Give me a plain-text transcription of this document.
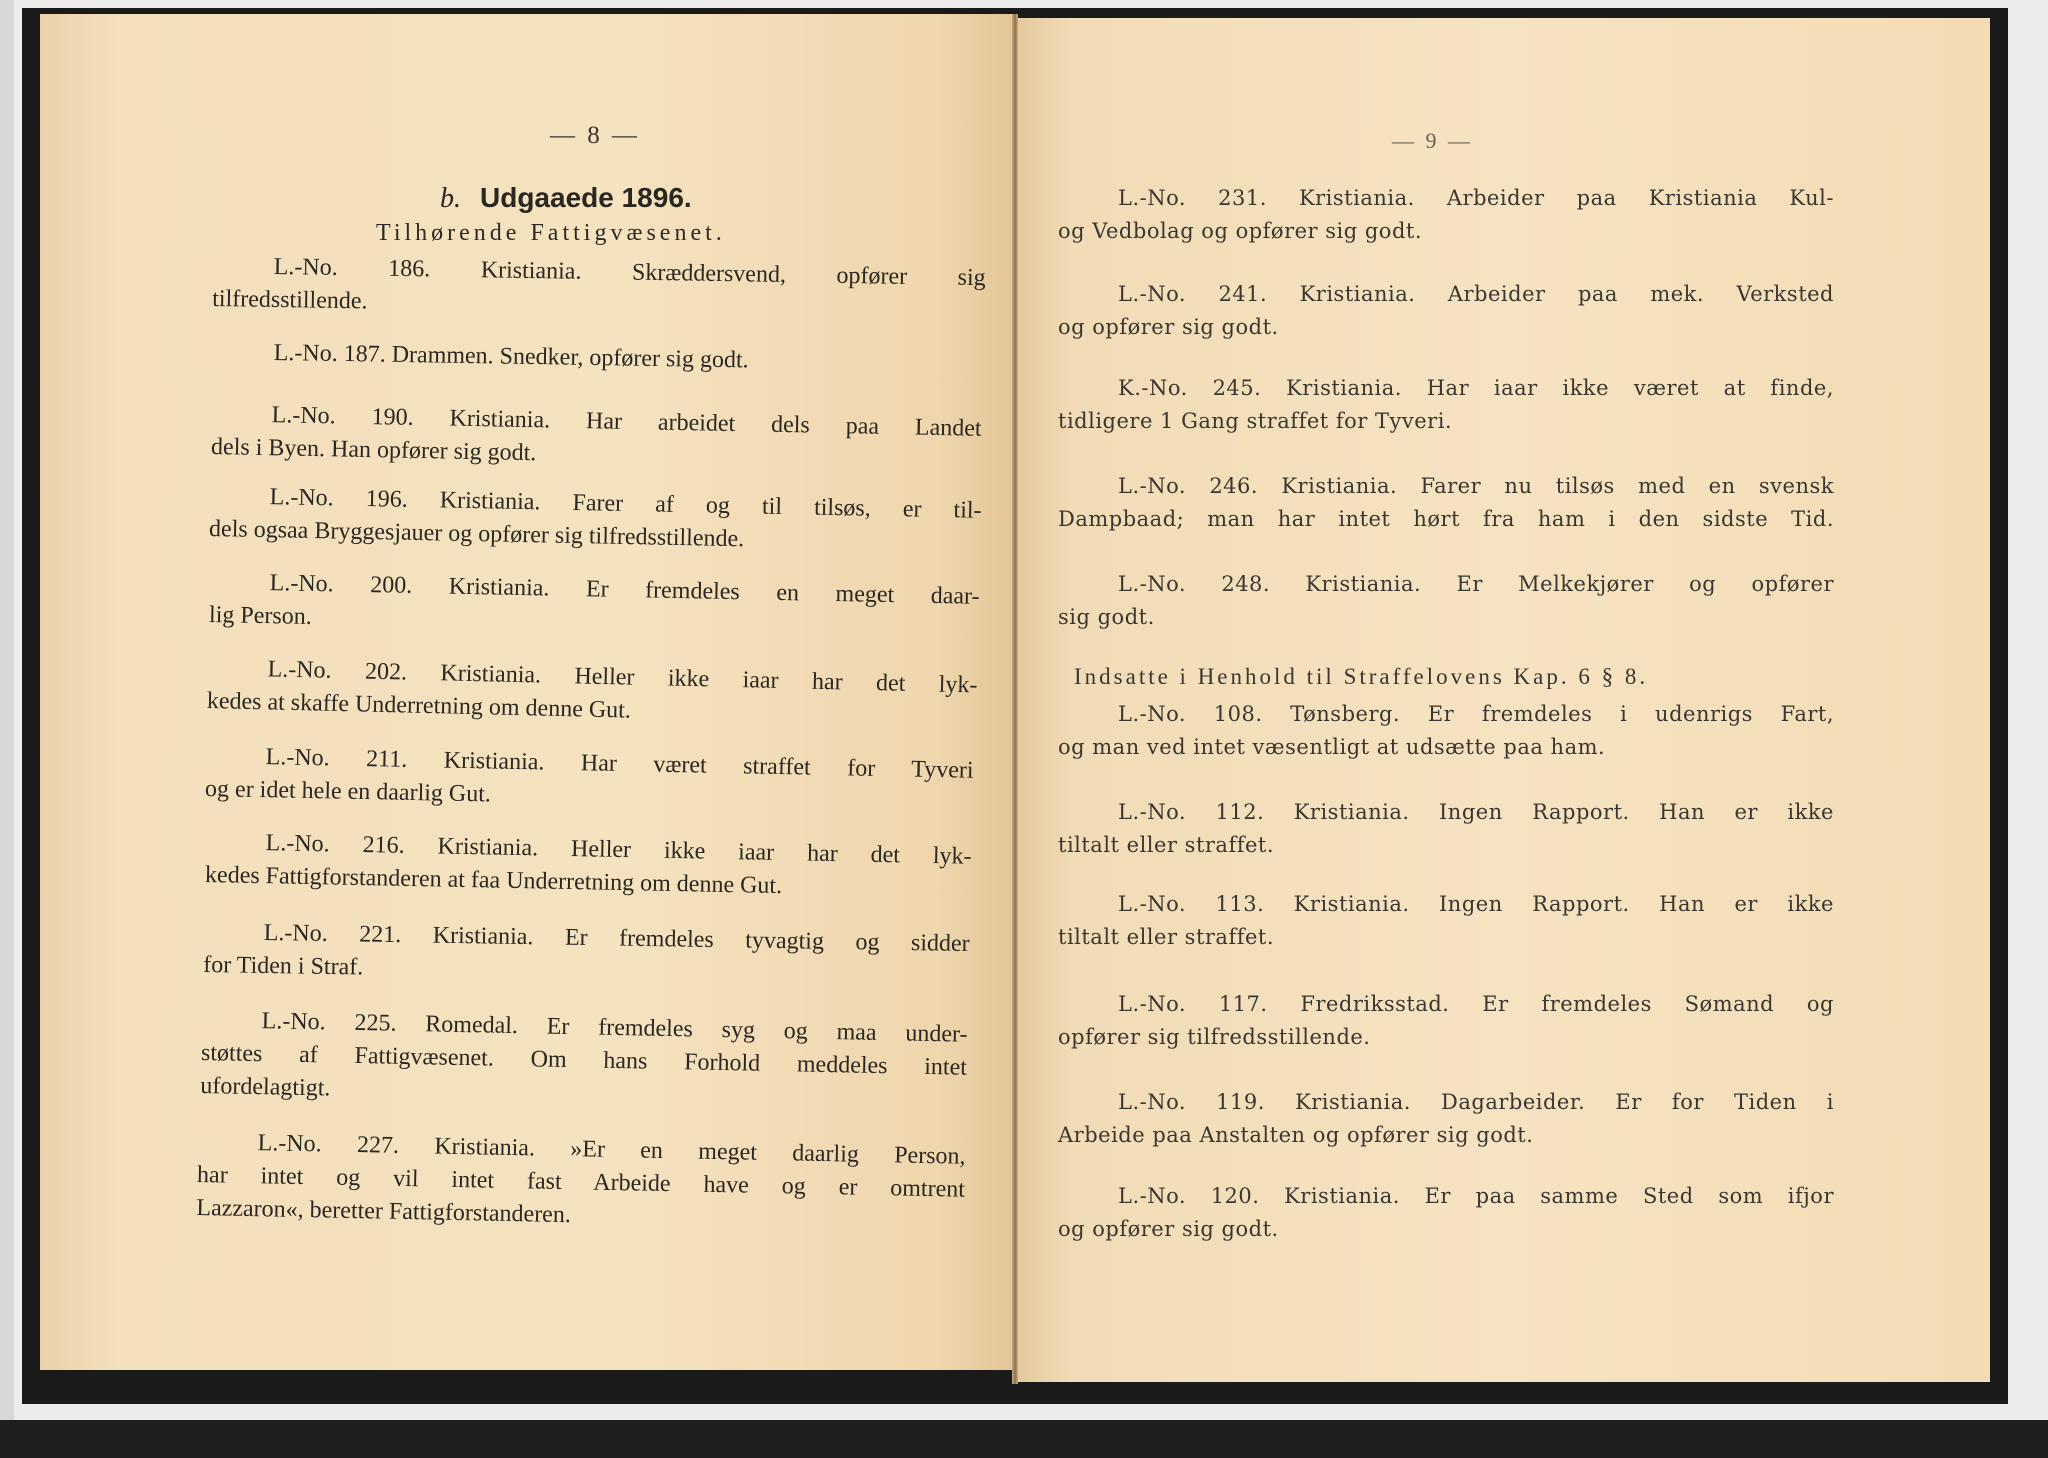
— 8 —
b. Udgaaede 1896.
Tilhørende Fattigvæsenet.
L.-No. 186. Kristiania. Skræddersvend, opfører sig
tilfredsstillende.
L.-No. 187. Drammen. Snedker, opfører sig godt.
L.-No. 190. Kristiania. Har arbeidet dels paa Landet
dels i Byen. Han opfører sig godt.
L.-No. 196. Kristiania. Farer af og til tilsøs, er til-
dels ogsaa Bryggesjauer og opfører sig tilfredsstillende.
L.-No. 200. Kristiania. Er fremdeles en meget daar-
lig Person.
L.-No. 202. Kristiania. Heller ikke iaar har det lyk-
kedes at skaffe Underretning om denne Gut.
L.-No. 211. Kristiania. Har været straffet for Tyveri
og er idet hele en daarlig Gut.
L.-No. 216. Kristiania. Heller ikke iaar har det lyk-
kedes Fattigforstanderen at faa Underretning om denne Gut.
L.-No. 221. Kristiania. Er fremdeles tyvagtig og sidder
for Tiden i Straf.
L.-No. 225. Romedal. Er fremdeles syg og maa under-
støttes af Fattigvæsenet. Om hans Forhold meddeles intet
ufordelagtigt.
L.-No. 227. Kristiania. »Er en meget daarlig Person,
har intet og vil intet fast Arbeide have og er omtrent
Lazzaron«, beretter Fattigforstanderen.
— 9 —
L.-No. 231. Kristiania. Arbeider paa Kristiania Kul-
og Vedbolag og opfører sig godt.
L.-No. 241. Kristiania. Arbeider paa mek. Verksted
og opfører sig godt.
K.-No. 245. Kristiania. Har iaar ikke været at finde,
tidligere 1 Gang straffet for Tyveri.
L.-No. 246. Kristiania. Farer nu tilsøs med en svensk
Dampbaad; man har intet hørt fra ham i den sidste Tid.
L.-No. 248. Kristiania. Er Melkekjører og opfører
sig godt.
Indsatte i Henhold til Straffelovens Kap. 6 § 8.
L.-No. 108. Tønsberg. Er fremdeles i udenrigs Fart,
og man ved intet væsentligt at udsætte paa ham.
L.-No. 112. Kristiania. Ingen Rapport. Han er ikke
tiltalt eller straffet.
L.-No. 113. Kristiania. Ingen Rapport. Han er ikke
tiltalt eller straffet.
L.-No. 117. Fredriksstad. Er fremdeles Sømand og
opfører sig tilfredsstillende.
L.-No. 119. Kristiania. Dagarbeider. Er for Tiden i
Arbeide paa Anstalten og opfører sig godt.
L.-No. 120. Kristiania. Er paa samme Sted som ifjor
og opfører sig godt.
